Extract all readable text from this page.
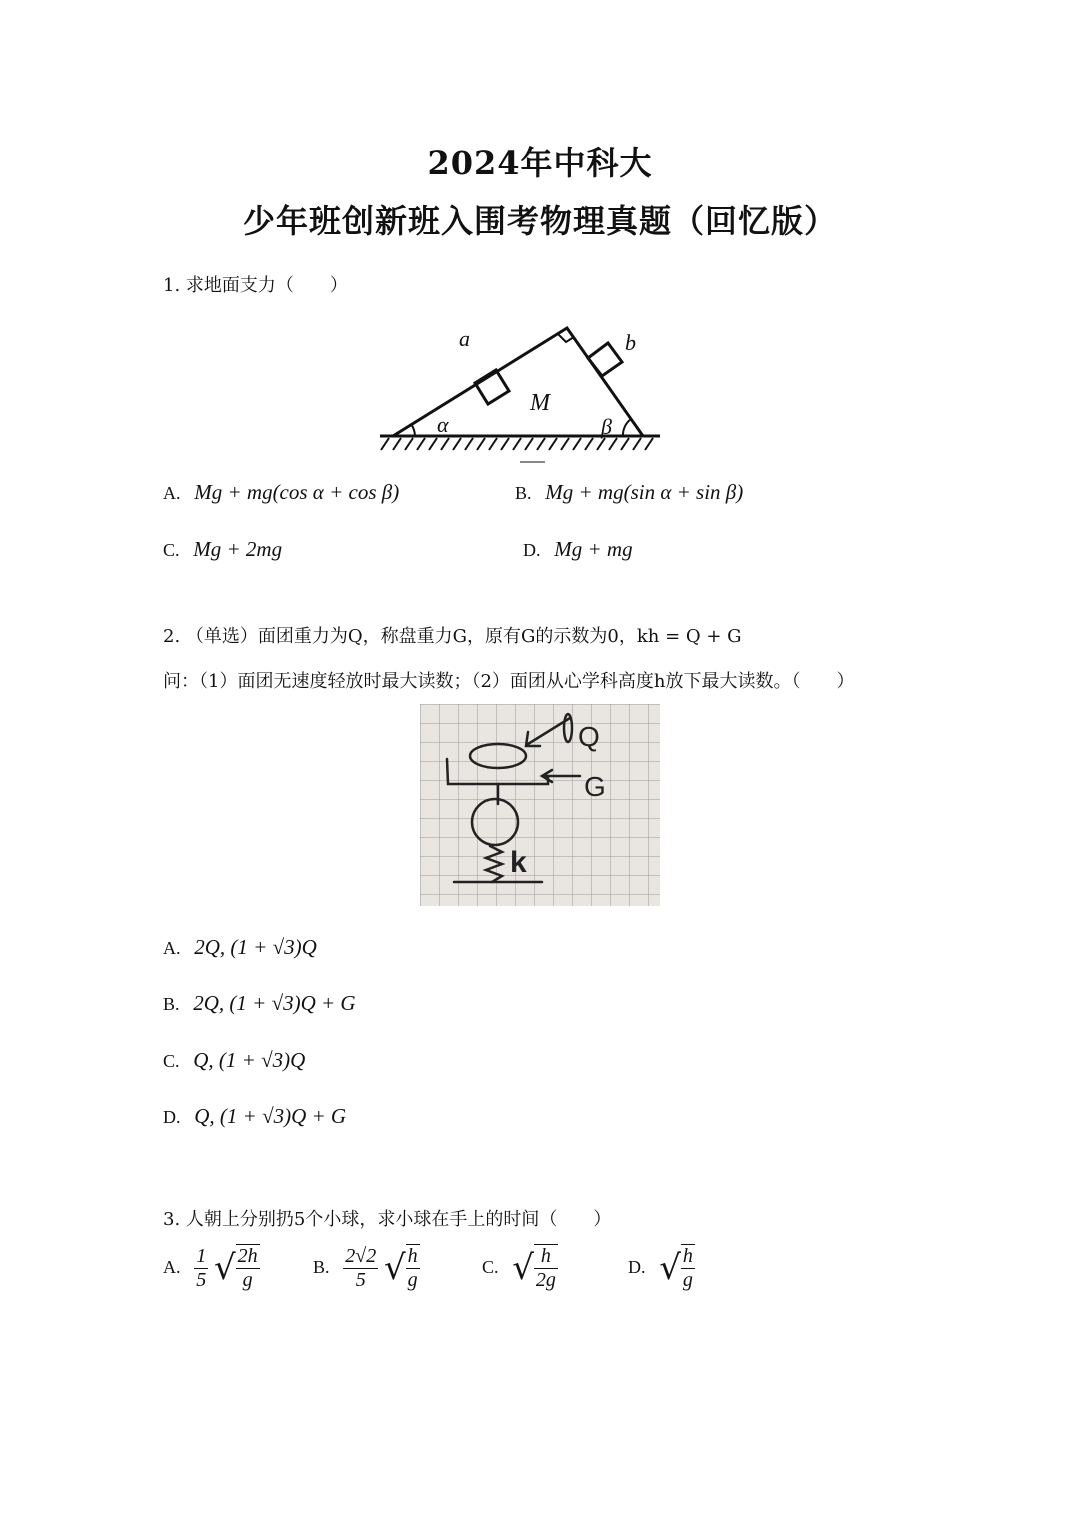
2024年中科大
少年班创新班入围考物理真题（回忆版）
1. 求地面支力（　　）
a	b
M
α	β
A. Mg + mg(cos α + cos β)	B. Mg + mg(sin α + sin β)
C. Mg + 2mg	D. Mg + mg
2. （单选）面团重力为Q，称盘重力G，原有G的示数为0，kh = Q + G
问：（1）面团无速度轻放时最大读数；（2）面团从心学科高度h放下最大读数。（　　）
Q
G
k
A. 2Q, (1 + √3)Q
B. 2Q, (1 + √3)Q + G
C. Q, (1 + √3)Q
D. Q, (1 + √3)Q + G
3. 人朝上分别扔5个小球，求小球在手上的时间（　　）
A. $\frac{1}{5}$ √ $\frac{2h}{g}$	B. $\frac{2√2}{5}$ √ $\frac{h}{g}$	C. √ $\frac{h}{2g}$	D. √ $\frac{h}{g}$
